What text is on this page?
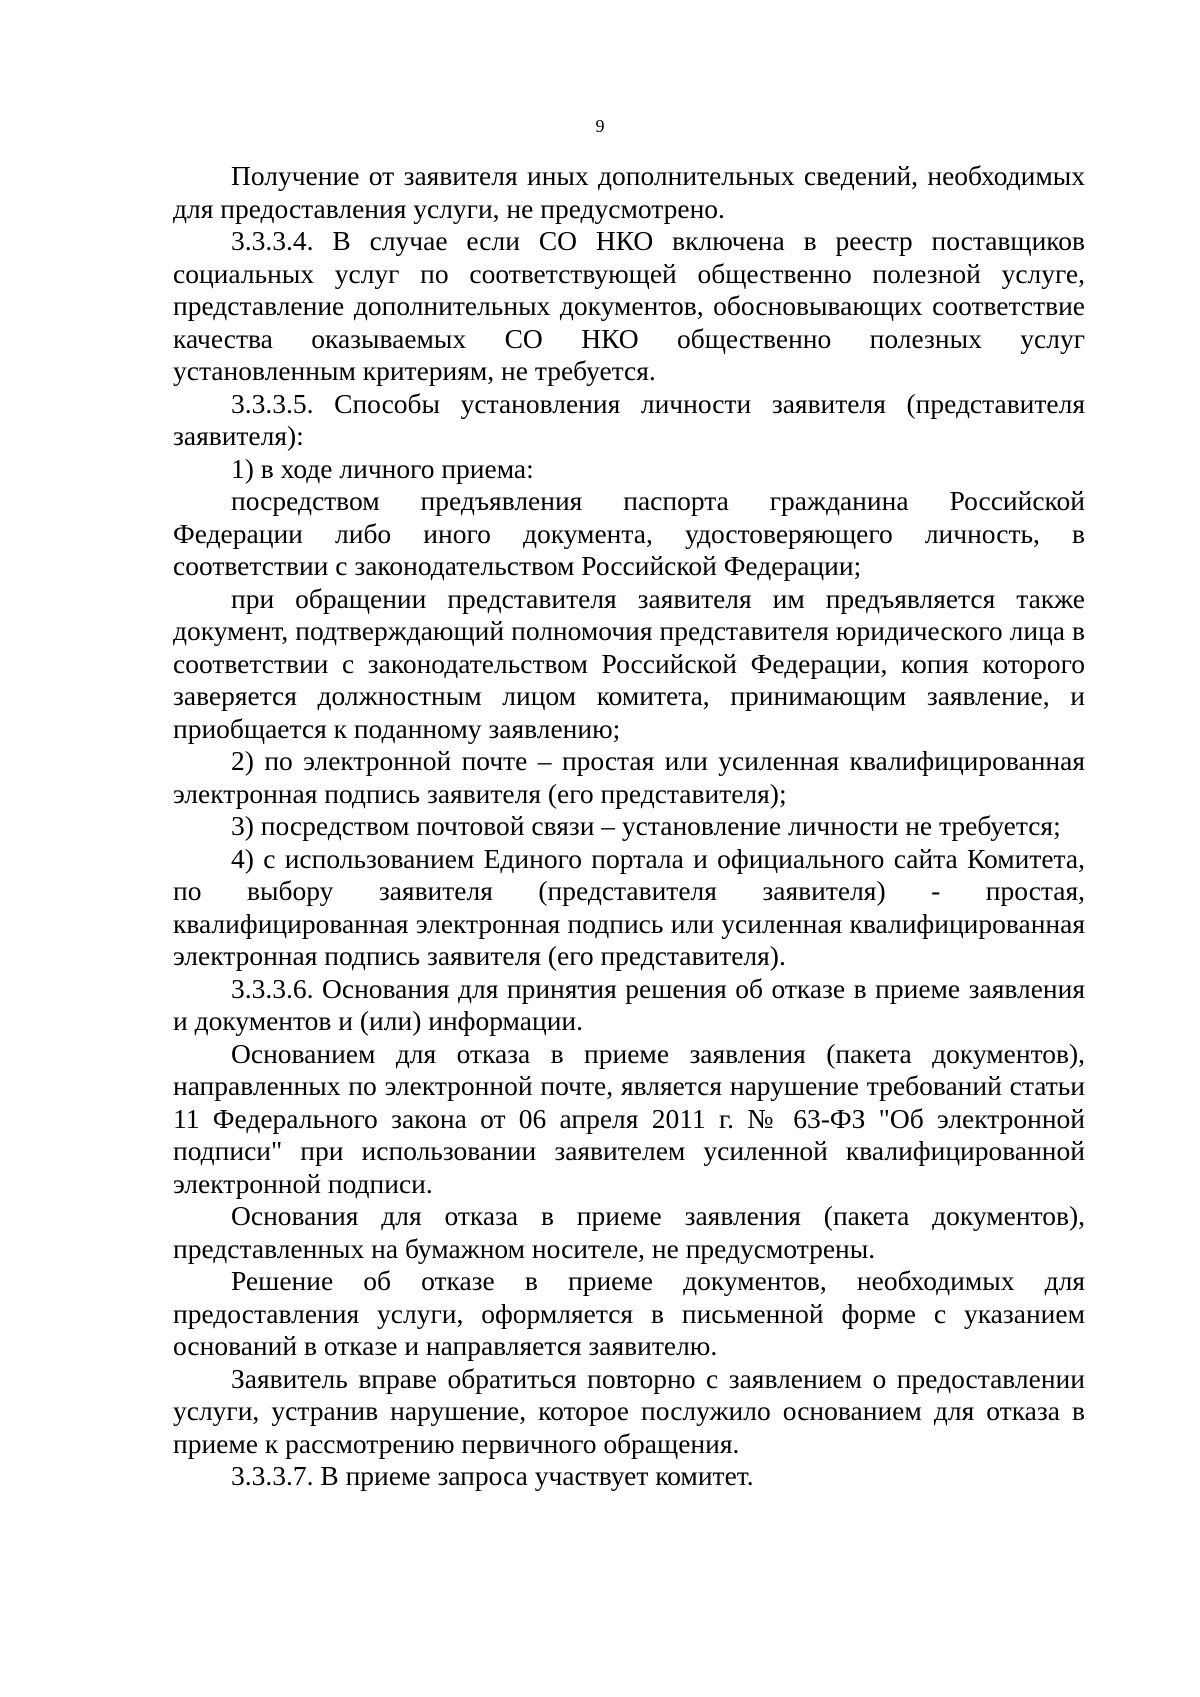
9

Получение от заявителя иных дополнительных сведений, необходимых для предоставления услуги, не предусмотрено.

3.3.3.4. В случае если СО НКО включена в реестр поставщиков социальных услуг по соответствующей общественно полезной услуге, представление дополнительных документов, обосновывающих соответствие качества оказываемых СО НКО общественно полезных услуг установленным критериям, не требуется.

3.3.3.5. Способы установления личности заявителя (представителя заявителя):

1) в ходе личного приема:

посредством предъявления паспорта гражданина Российской Федерации либо иного документа, удостоверяющего личность, в соответствии с законодательством Российской Федерации;

при обращении представителя заявителя им предъявляется также документ, подтверждающий полномочия представителя юридического лица в соответствии с законодательством Российской Федерации, копия которого заверяется должностным лицом комитета, принимающим заявление, и приобщается к поданному заявлению;

2) по электронной почте – простая или усиленная квалифицированная электронная подпись заявителя (его представителя);

3) посредством почтовой связи – установление личности не требуется;

4) с использованием Единого портала и официального сайта Комитета, по выбору заявителя (представителя заявителя) - простая, квалифицированная электронная подпись или усиленная квалифицированная электронная подпись заявителя (его представителя).

3.3.3.6. Основания для принятия решения об отказе в приеме заявления и документов и (или) информации.

Основанием для отказа в приеме заявления (пакета документов), направленных по электронной почте, является нарушение требований статьи 11 Федерального закона от 06 апреля 2011 г. № 63-ФЗ "Об электронной подписи" при использовании заявителем усиленной квалифицированной электронной подписи.

Основания для отказа в приеме заявления (пакета документов), представленных на бумажном носителе, не предусмотрены.

Решение об отказе в приеме документов, необходимых для предоставления услуги, оформляется в письменной форме с указанием оснований в отказе и направляется заявителю.

Заявитель вправе обратиться повторно с заявлением о предоставлении услуги, устранив нарушение, которое послужило основанием для отказа в приеме к рассмотрению первичного обращения.

3.3.3.7. В приеме запроса участвует комитет.
